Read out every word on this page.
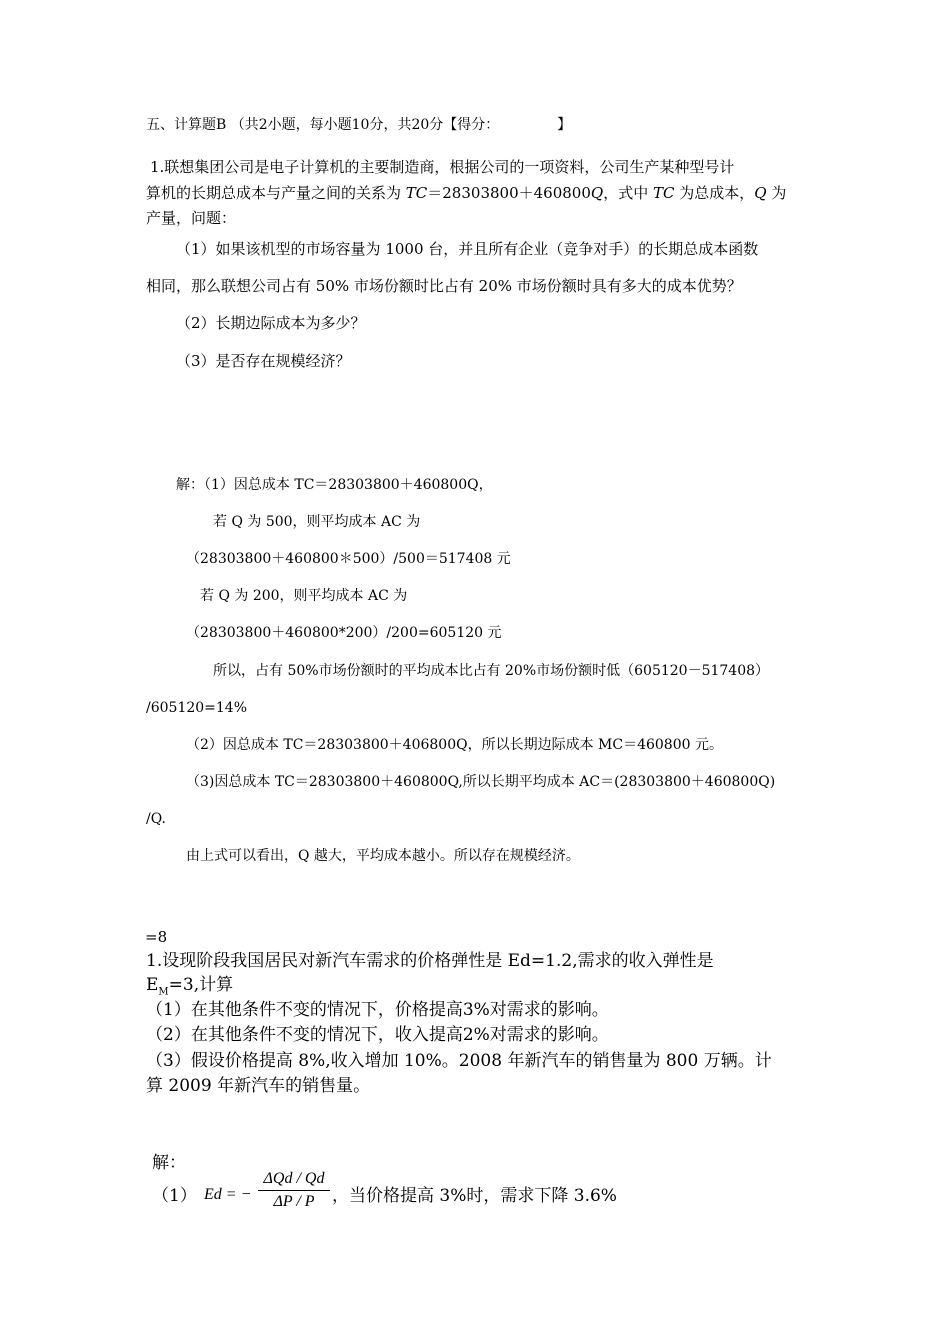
五、计算题B （共2小题，每小题10分，共20分【得分：	】
1.联想集团公司是电子计算机的主要制造商，根据公司的一项资料，公司生产某种型号计
算机的长期总成本与产量之间的关系为 TC＝28303800＋460800Q，式中 TC 为总成本，Q 为
产量，问题：
（1）如果该机型的市场容量为 1000 台，并且所有企业（竞争对手）的长期总成本函数
相同，那么联想公司占有 50% 市场份额时比占有 20% 市场份额时具有多大的成本优势？
（2）长期边际成本为多少？
（3）是否存在规模经济？
解：（1）因总成本 TC＝28303800＋460800Q，
若 Q 为 500，则平均成本 AC 为
（28303800＋460800＊500）/500＝517408 元
若 Q 为 200，则平均成本 AC 为
（28303800＋460800*200）/200=605120 元
所以，占有 50%市场份额时的平均成本比占有 20%市场份额时低（605120－517408）
/605120=14%
（2）因总成本 TC＝28303800＋406800Q，所以长期边际成本 MC＝460800 元。
（3)因总成本 TC＝28303800＋460800Q,所以长期平均成本 AC＝(28303800＋460800Q)
/Q.
由上式可以看出，Q 越大，平均成本越小。所以存在规模经济。
=8
1.设现阶段我国居民对新汽车需求的价格弹性是 Ed=1.2,需求的收入弹性是
$E_M=3$,计算
（1）在其他条件不变的情况下，价格提高3%对需求的影响。
（2）在其他条件不变的情况下，收入提高2%对需求的影响。
（3）假设价格提高 8%,收入增加 10%。2008 年新汽车的销售量为 800 万辆。计
算 2009 年新汽车的销售量。
解：
（1） Ed = −
ΔQd / Qd
ΔP / P	，当价格提高 3%时，需求下降 3.6%
